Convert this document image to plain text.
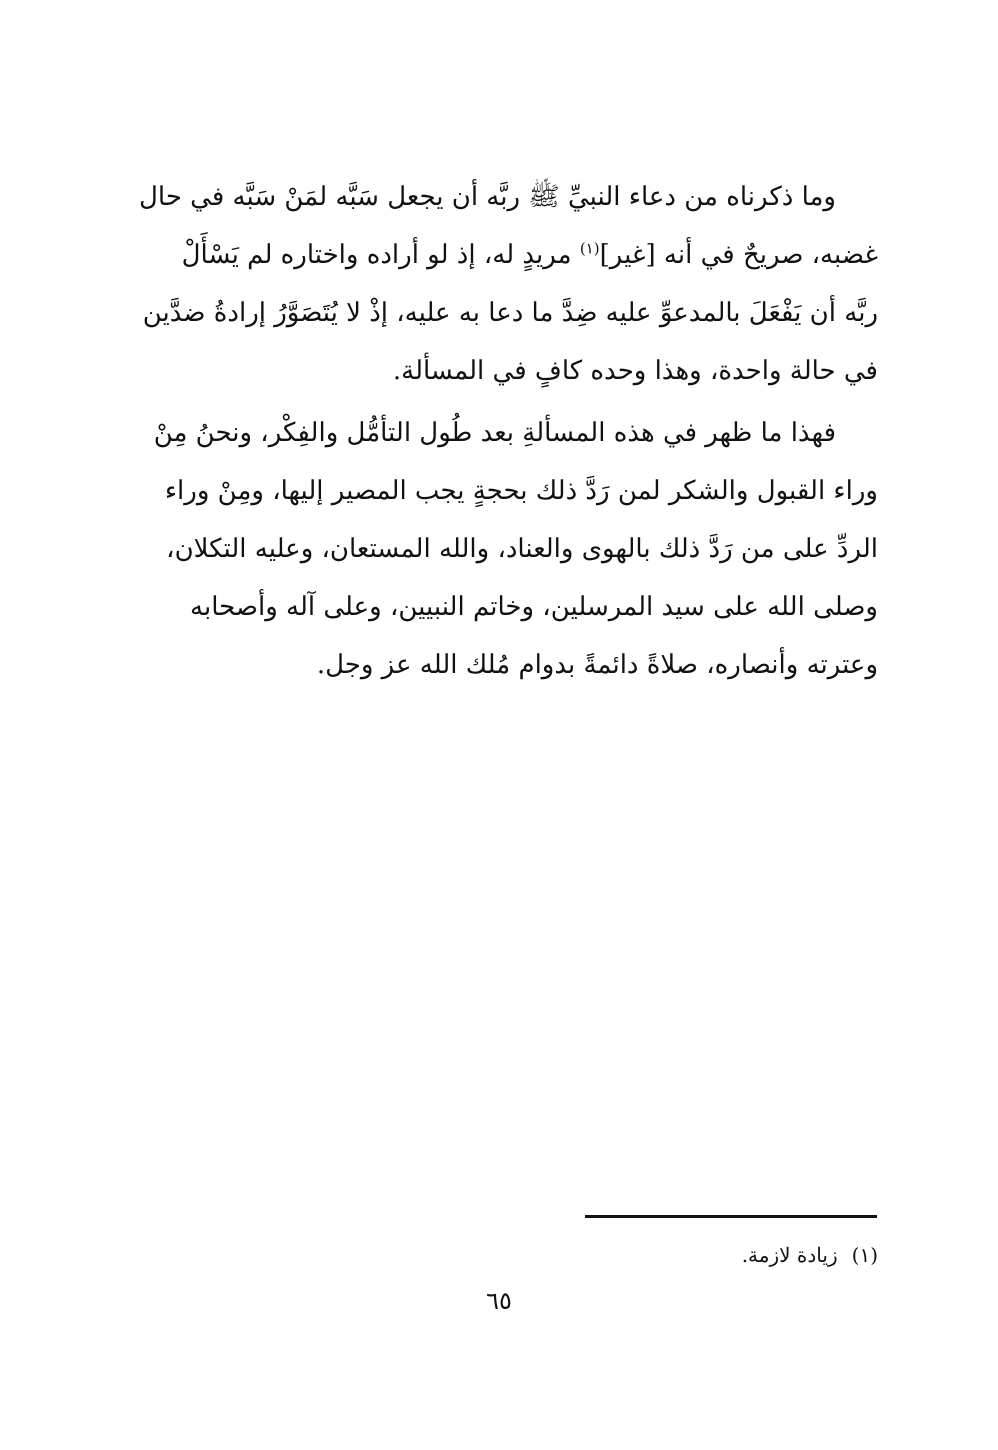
وما ذكرناه من دعاء النبيِّ ﷺ ربَّه أن يجعل سَبَّه لمَنْ سَبَّه في حال
غضبه، صريحٌ في أنه [غير]$^{(١)}$ مريدٍ له، إذ لو أراده واختاره لم يَسْأَلْ
ربَّه أن يَفْعَلَ بالمدعوِّ عليه ضِدَّ ما دعا به عليه، إذْ لا يُتَصَوَّرُ إرادةُ ضدَّين
في حالة واحدة، وهذا وحده كافٍ في المسألة.

فهذا ما ظهر في هذه المسألةِ بعد طُول التأمُّل والفِكْر، ونحنُ مِنْ
وراء القبول والشكر لمن رَدَّ ذلك بحجةٍ يجب المصير إليها، ومِنْ وراء
الردِّ على من رَدَّ ذلك بالهوى والعناد، والله المستعان، وعليه التكلان،
وصلى الله على سيد المرسلين، وخاتم النبيين، وعلى آله وأصحابه
وعترته وأنصاره، صلاةً دائمةً بدوام مُلك الله عز وجل.

(١)زيادة لازمة.
٦٥
